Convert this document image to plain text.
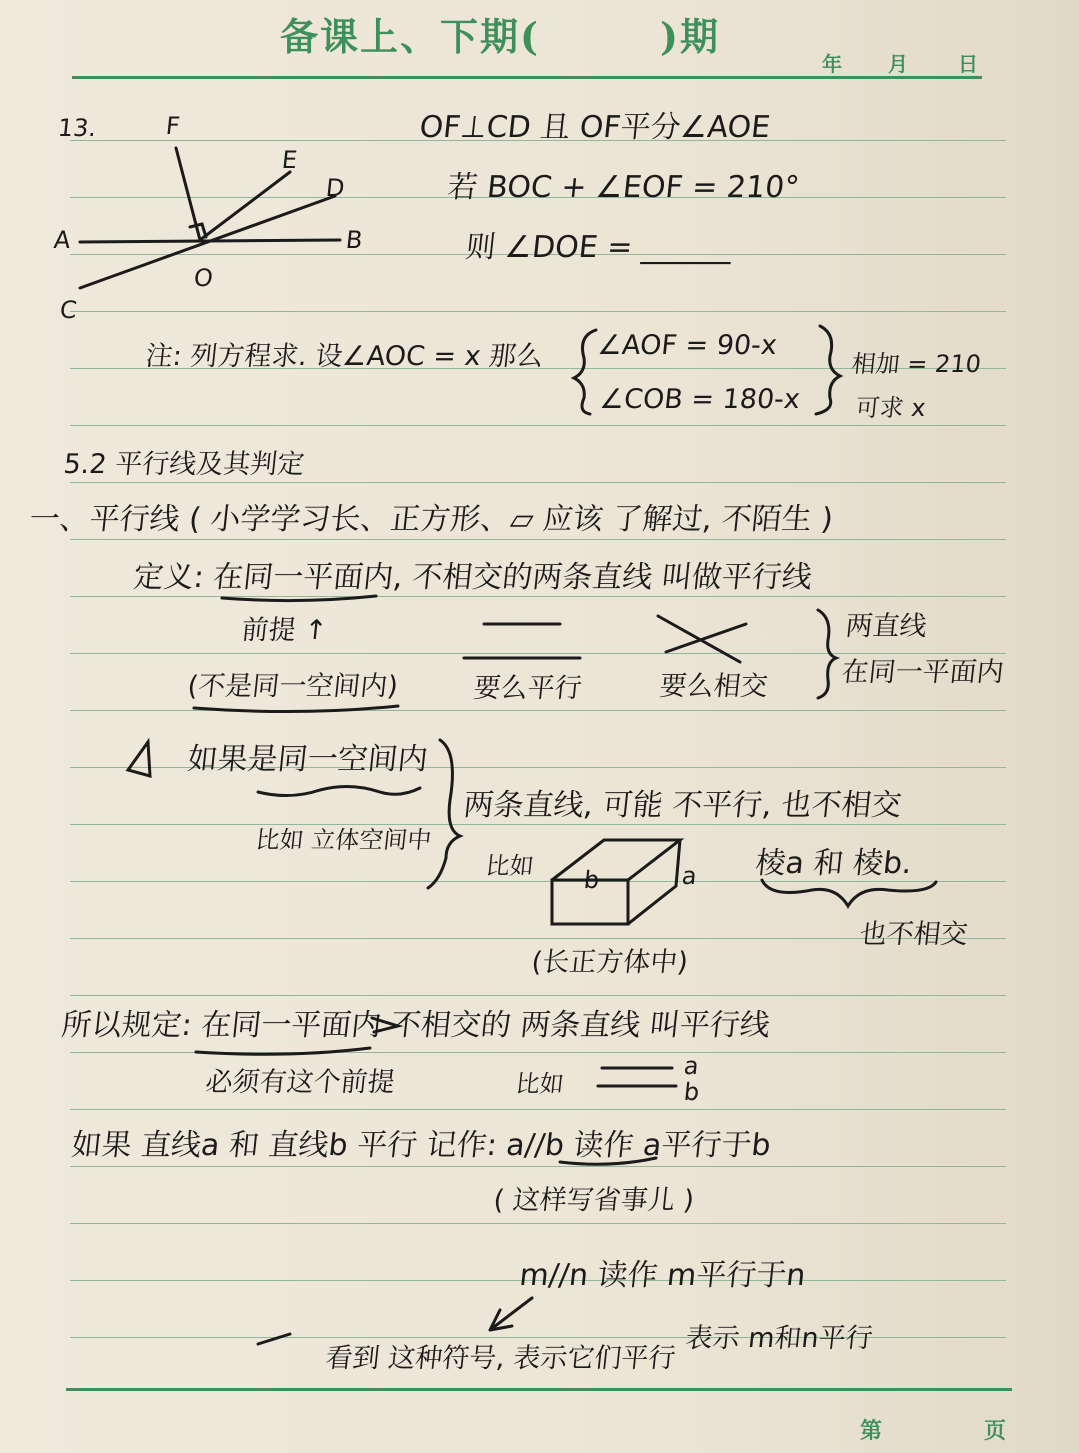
备课上、下期(　　　)期
年 月	日
13.	F
E
D
A	B
O
C
OF⊥CD 且 OF平分∠AOE
若 BOC + ∠EOF = 210°
则 ∠DOE = ______
注: 列方程求. 设∠AOC = x 那么 ∠AOF = 90-x
∠COB = 180-x
相加 = 210
可求 x
5.2 平行线及其判定
一、平行线 ( 小学学习长、正方形、▱ 应该 了解过, 不陌生 )
定义: 在同一平面内, 不相交的两条直线 叫做平行线
前提 ↑
(不是同一空间内)	要么平行	要么相交
两直线
在同一平面内
如果是同一空间内
比如 立体空间中
两条直线, 可能 不平行, 也不相交
比如 b	a 棱a 和 棱b.
也不相交
(长正方体中)
所以规定: 在同一平面内 不相交的 两条直线 叫平行线
必须有这个前提	比如
a
b
如果 直线a 和 直线b 平行 记作: a//b 读作 a平行于b
( 这样写省事儿 )
m//n 读作 m平行于n
表示 m和n平行
看到 这种符号, 表示它们平行
第	页
